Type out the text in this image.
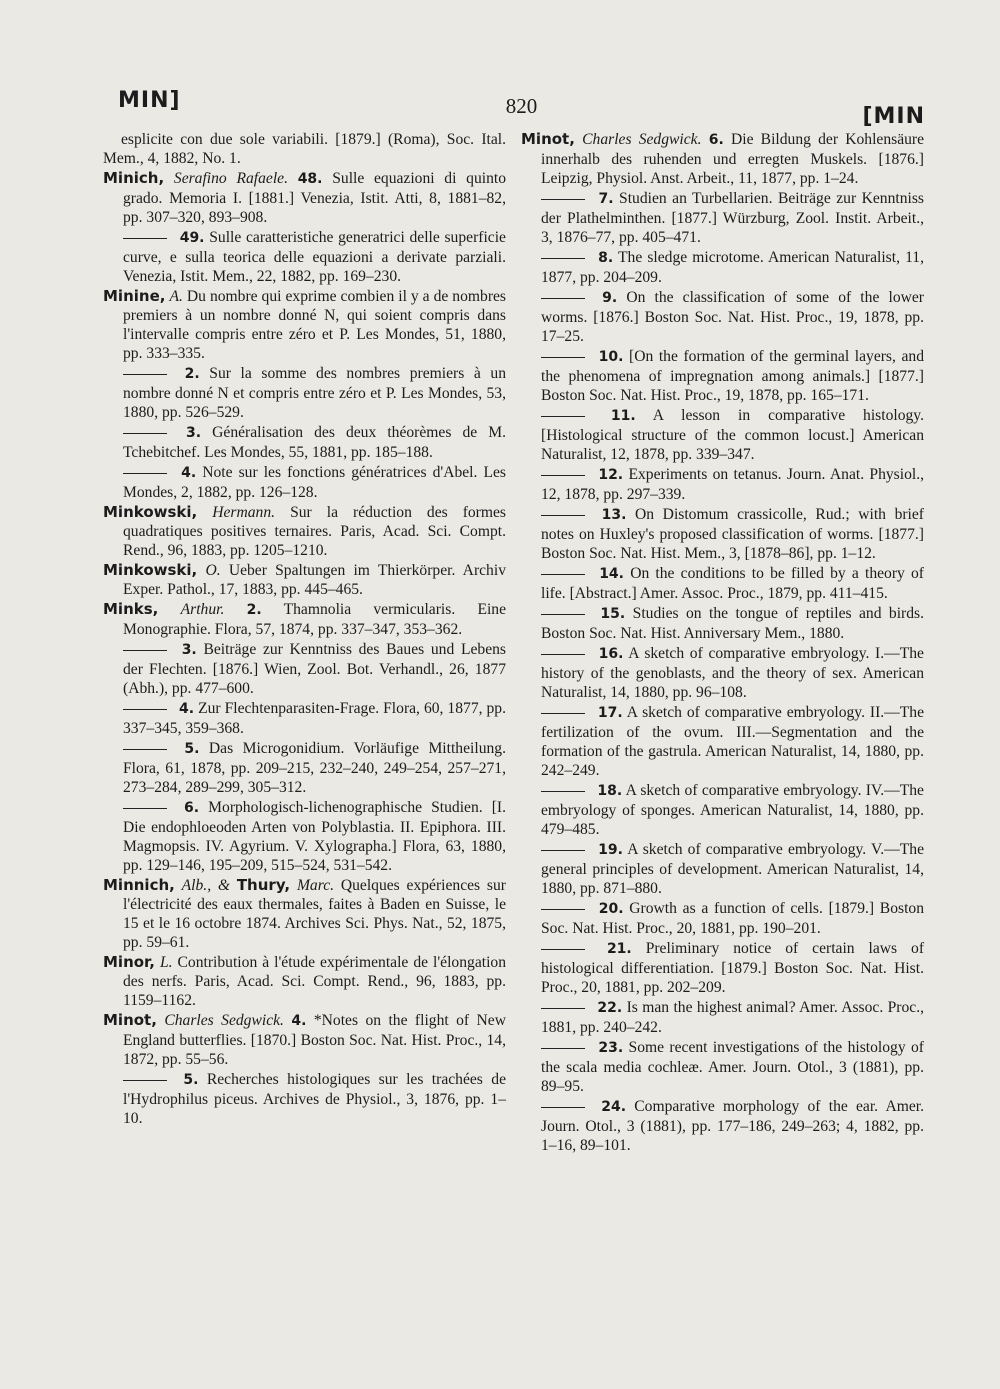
MIN]	820	[MIN

esplicite con due sole variabili. [1879.] (Roma), Soc. Ital. Mem., 4, 1882, No. 1.

Minich, Serafino Rafaele. 48. Sulle equazioni di quinto grado. Memoria I. [1881.] Venezia, Istit. Atti, 8, 1881–82, pp. 307–320, 893–908.

49. Sulle caratteristiche generatrici delle superficie curve, e sulla teorica delle equazioni a derivate parziali. Venezia, Istit. Mem., 22, 1882, pp. 169–230.

Minine, A. Du nombre qui exprime combien il y a de nombres premiers à un nombre donné N, qui soient compris dans l'intervalle compris entre zéro et P. Les Mondes, 51, 1880, pp. 333–335.

2. Sur la somme des nombres premiers à un nombre donné N et compris entre zéro et P. Les Mondes, 53, 1880, pp. 526–529.

3. Généralisation des deux théorèmes de M. Tchebitchef. Les Mondes, 55, 1881, pp. 185–188.

4. Note sur les fonctions génératrices d'Abel. Les Mondes, 2, 1882, pp. 126–128.

Minkowski, Hermann. Sur la réduction des formes quadratiques positives ternaires. Paris, Acad. Sci. Compt. Rend., 96, 1883, pp. 1205–1210.

Minkowski, O. Ueber Spaltungen im Thierkörper. Archiv Exper. Pathol., 17, 1883, pp. 445–465.

Minks, Arthur. 2. Thamnolia vermicularis. Eine Monographie. Flora, 57, 1874, pp. 337–347, 353–362.

3. Beiträge zur Kenntniss des Baues und Lebens der Flechten. [1876.] Wien, Zool. Bot. Verhandl., 26, 1877 (Abh.), pp. 477–600.

4. Zur Flechtenparasiten-Frage. Flora, 60, 1877, pp. 337–345, 359–368.

5. Das Microgonidium. Vorläufige Mittheilung. Flora, 61, 1878, pp. 209–215, 232–240, 249–254, 257–271, 273–284, 289–299, 305–312.

6. Morphologisch-lichenographische Studien. [I. Die endophloeoden Arten von Polyblastia. II. Epiphora. III. Magmopsis. IV. Agyrium. V. Xylographa.] Flora, 63, 1880, pp. 129–146, 195–209, 515–524, 531–542.

Minnich, Alb., & Thury, Marc. Quelques expériences sur l'électricité des eaux thermales, faites à Baden en Suisse, le 15 et le 16 octobre 1874. Archives Sci. Phys. Nat., 52, 1875, pp. 59–61.

Minor, L. Contribution à l'étude expérimentale de l'élongation des nerfs. Paris, Acad. Sci. Compt. Rend., 96, 1883, pp. 1159–1162.

Minot, Charles Sedgwick. 4. *Notes on the flight of New England butterflies. [1870.] Boston Soc. Nat. Hist. Proc., 14, 1872, pp. 55–56.

5. Recherches histologiques sur les trachées de l'Hydrophilus piceus. Archives de Physiol., 3, 1876, pp. 1–10.

Minot, Charles Sedgwick. 6. Die Bildung der Kohlensäure innerhalb des ruhenden und erregten Muskels. [1876.] Leipzig, Physiol. Anst. Arbeit., 11, 1877, pp. 1–24.

7. Studien an Turbellarien. Beiträge zur Kenntniss der Plathelminthen. [1877.] Würzburg, Zool. Instit. Arbeit., 3, 1876–77, pp. 405–471.

8. The sledge microtome. American Naturalist, 11, 1877, pp. 204–209.

9. On the classification of some of the lower worms. [1876.] Boston Soc. Nat. Hist. Proc., 19, 1878, pp. 17–25.

10. [On the formation of the germinal layers, and the phenomena of impregnation among animals.] [1877.] Boston Soc. Nat. Hist. Proc., 19, 1878, pp. 165–171.

11. A lesson in comparative histology. [Histological structure of the common locust.] American Naturalist, 12, 1878, pp. 339–347.

12. Experiments on tetanus. Journ. Anat. Physiol., 12, 1878, pp. 297–339.

13. On Distomum crassicolle, Rud.; with brief notes on Huxley's proposed classification of worms. [1877.] Boston Soc. Nat. Hist. Mem., 3, [1878–86], pp. 1–12.

14. On the conditions to be filled by a theory of life. [Abstract.] Amer. Assoc. Proc., 1879, pp. 411–415.

15. Studies on the tongue of reptiles and birds. Boston Soc. Nat. Hist. Anniversary Mem., 1880.

16. A sketch of comparative embryology. I.—The history of the genoblasts, and the theory of sex. American Naturalist, 14, 1880, pp. 96–108.

17. A sketch of comparative embryology. II.—The fertilization of the ovum. III.—Segmentation and the formation of the gastrula. American Naturalist, 14, 1880, pp. 242–249.

18. A sketch of comparative embryology. IV.—The embryology of sponges. American Naturalist, 14, 1880, pp. 479–485.

19. A sketch of comparative embryology. V.—The general principles of development. American Naturalist, 14, 1880, pp. 871–880.

20. Growth as a function of cells. [1879.] Boston Soc. Nat. Hist. Proc., 20, 1881, pp. 190–201.

21. Preliminary notice of certain laws of histological differentiation. [1879.] Boston Soc. Nat. Hist. Proc., 20, 1881, pp. 202–209.

22. Is man the highest animal? Amer. Assoc. Proc., 1881, pp. 240–242.

23. Some recent investigations of the histology of the scala media cochleæ. Amer. Journ. Otol., 3 (1881), pp. 89–95.

24. Comparative morphology of the ear. Amer. Journ. Otol., 3 (1881), pp. 177–186, 249–263; 4, 1882, pp. 1–16, 89–101.
